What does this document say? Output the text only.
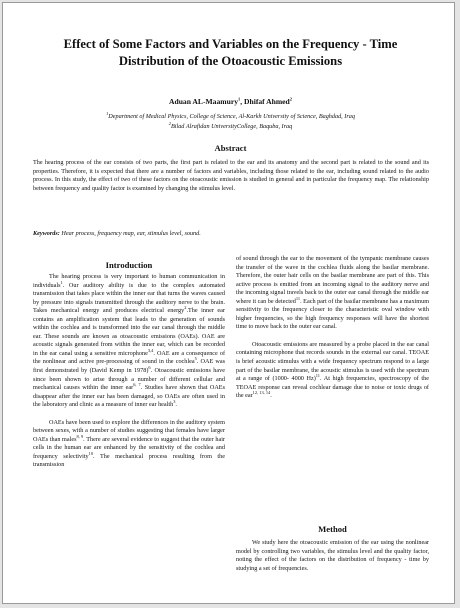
Effect of Some Factors and Variables on the Frequency - Time
Distribution of the Otoacoustic Emissions
Aduan AL-Maamury$^1$, Dhifaf Ahmed$^2$
$^1$Department of Medical Physics, College of Science, Al-Karkh University of Science, Baghdad, Iraq
$^2$Bilad Alrafidan UniversityCollege, Baquba, Iraq
Abstract

The hearing process of the ear consists of two parts, the first part is related to the ear and its anatomy and the second part is related to the sound and its properties. Therefore, it is expected that there are a number of factors and variables, including those related to the ear, including sound related to the audio process. In this study, the effect of two of these factors on the otoacoustic emission is studied in general and in particular the frequency map. The relationship between frequency and quality factor is examined by changing the stimulus level.

Keywords: Hear process, frequency map, ear, stimulus level, sound.

Introduction

The hearing process is very important to human communication in individuals$^1$. Our auditory ability is due to the complex automated transmission that takes place within the inner ear that turns the waves caused by pressure into signals transmitted through the auditory nerve to the brain. Takes mechanical energy and produces electrical energy$^2$.The inner ear contains an amplification system that leads to the generation of sounds within the cochlea and is transformed into the ear canal through the middle ear. These sounds are known as otoacoustic emissions (OAEs). OAE are acoustic signals generated from within the inner ear, which can be recorded in the ear canal using a sensitive microphone$^{3,4}$. OAE are a consequence of the nonlinear and active pre-processing of sound in the cochlea$^5$. OAE was first demonstrated by (David Kemp in 1978)$^6$. Otoacoustic emissions have since been shown to arise through a number of different cellular and mechanical causes within the inner ear$^{6, 7}$. Studies have shown that OAEs disappear after the inner ear has been damaged, so OAEs are often used in the laboratory and clinic as a measure of inner ear health$^3$.

OAEs have been used to explore the differences in the auditory system between sexes, with a number of studies suggesting that females have larger OAEs than males$^{8, 9}$. There are several evidence to suggest that the outer hair cells in the human ear are enhanced by the sensitivity of the cochlea and frequency selectivity$^{10}$. The mechanical process resulting from the transmission

of sound through the ear to the movement of the tympanic membrane causes the transfer of the wave in the cochlea fluids along the basilar membrane. Therefore, the outer hair cells on the basilar membrane are part of this. This active process is emitted from an incoming signal to the auditory nerve and the incoming signal travels back to the outer ear canal through the middle ear where it can be detected$^{11}$. Each part of the basilar membrane has a maximum sensitivity to the frequency closer to the characteristic oval window with higher frequencies, so the high frequency responses will have the shortest time to move back to the outer ear canal.

Otoacoustic emissions are measured by a probe placed in the ear canal containing microphone that records sounds in the external ear canal. TEOAE is brief acoustic stimulus with a wide frequency spectrum respond to a large part of the basilar membrane, the acoustic stimulus is used with the spectrum at a range of (1000- 4000 Hz)$^{11}$. At high frequencies, spectroscopy of the TEOAE response can reveal cochlear damage due to noise or toxic drugs of the ear$^{12, 13, 14}$.

Method

We study here the otoacoustic emission of the ear using the nonlinear model by controlling two variables, the stimulus level and the quality factor, noting the effect of the factors on the distribution of frequency - time by studying a set of frequencies.
